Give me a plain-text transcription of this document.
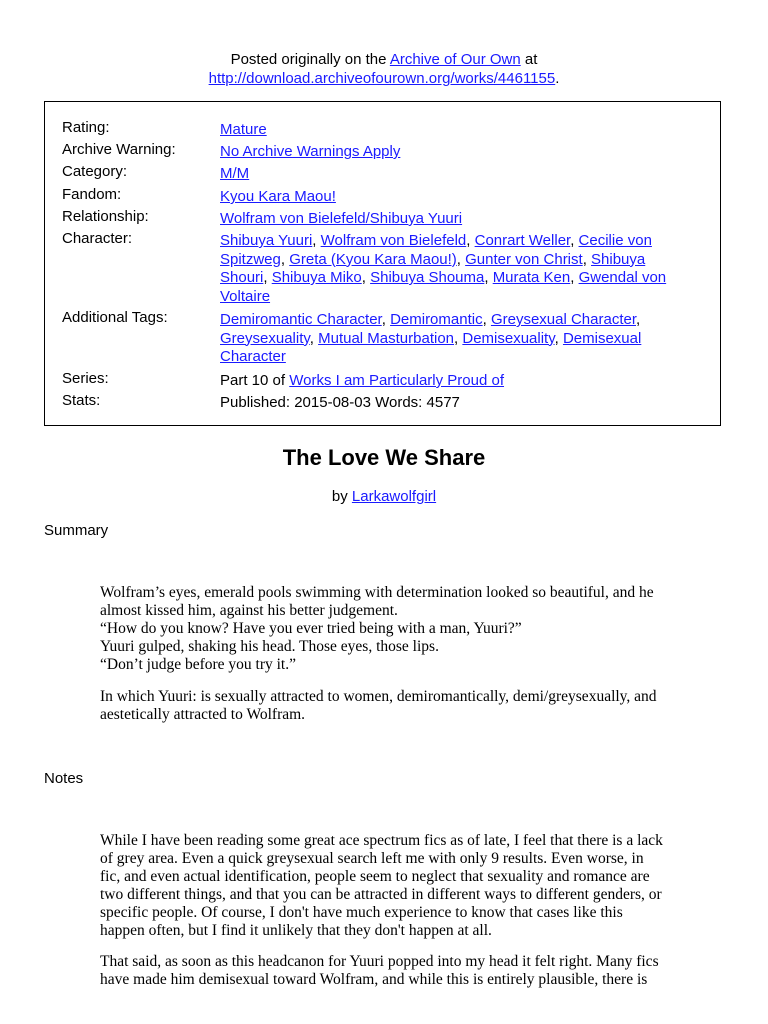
Posted originally on the Archive of Our Own at
http://download.archiveofourown.org/works/4461155.
Rating:	Mature
Archive Warning:	No Archive Warnings Apply
Category:	M/M
Fandom:	Kyou Kara Maou!
Relationship:	Wolfram von Bielefeld/Shibuya Yuuri
Character:	Shibuya Yuuri, Wolfram von Bielefeld, Conrart Weller, Cecilie von Spitzweg, Greta (Kyou Kara Maou!), Gunter von Christ, Shibuya Shouri, Shibuya Miko, Shibuya Shouma, Murata Ken, Gwendal von Voltaire
Additional Tags:	Demiromantic Character, Demiromantic, Greysexual Character, Greysexuality, Mutual Masturbation, Demisexuality, Demisexual Character
Series:	Part 10 of Works I am Particularly Proud of
Stats:	Published: 2015-08-03 Words: 4577
The Love We Share
by Larkawolfgirl
Summary

Wolfram’s eyes, emerald pools swimming with determination looked so beautiful, and he
almost kissed him, against his better judgement.
“How do you know? Have you ever tried being with a man, Yuuri?”
Yuuri gulped, shaking his head. Those eyes, those lips.
“Don’t judge before you try it.”

In which Yuuri: is sexually attracted to women, demiromantically, demi/greysexually, and
aestetically attracted to Wolfram.

Notes

While I have been reading some great ace spectrum fics as of late, I feel that there is a lack
of grey area. Even a quick greysexual search left me with only 9 results. Even worse, in
fic, and even actual identification, people seem to neglect that sexuality and romance are
two different things, and that you can be attracted in different ways to different genders, or
specific people. Of course, I don't have much experience to know that cases like this
happen often, but I find it unlikely that they don't happen at all.

That said, as soon as this headcanon for Yuuri popped into my head it felt right. Many fics
have made him demisexual toward Wolfram, and while this is entirely plausible, there is
